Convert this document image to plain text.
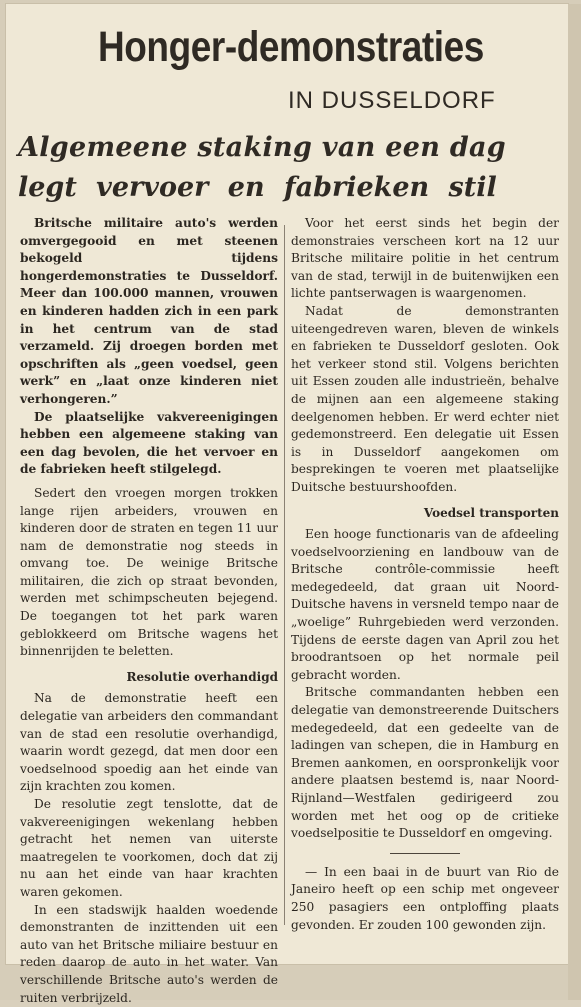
Honger-demonstraties
IN DUSSELDORF
Algemeene staking van een dag
legt vervoer en fabrieken stil

Britsche militaire auto's werden omvergegooid en met steenen bekogeld tijdens hongerdemonstraties te Dusseldorf. Meer dan 100.000 mannen, vrouwen en kinderen hadden zich in een park in het centrum van de stad verzameld. Zij droegen borden met opschriften als „geen voedsel, geen werk” en „laat onze kinderen niet verhongeren.”

De plaatselijke vakvereenigingen hebben een algemeene staking van een dag bevolen, die het vervoer en de fabrieken heeft stilgelegd.

Sedert den vroegen morgen trokken lange rijen arbeiders, vrouwen en kinderen door de straten en tegen 11 uur nam de demonstratie nog steeds in omvang toe. De weinige Britsche militairen, die zich op straat bevonden, werden met schimpscheuten bejegend. De toegangen tot het park waren geblokkeerd om Britsche wagens het binnenrijden te beletten.

Resolutie overhandigd

Na de demonstratie heeft een delegatie van arbeiders den commandant van de stad een resolutie overhandigd, waarin wordt gezegd, dat men door een voedselnood spoedig aan het einde van zijn krachten zou komen.

De resolutie zegt tenslotte, dat de vakvereenigingen wekenlang hebben getracht het nemen van uiterste maatregelen te voorkomen, doch dat zij nu aan het einde van haar krachten waren gekomen.

In een stadswijk haalden woedende demonstranten de inzittenden uit een auto van het Britsche miliaire bestuur en reden daarop de auto in het water. Van verschillende Britsche auto's werden de ruiten verbrijzeld.

Voor het eerst sinds het begin der demonstraies verscheen kort na 12 uur Britsche militaire politie in het centrum van de stad, terwijl in de buitenwijken een lichte pantserwagen is waargenomen.

Nadat de demonstranten uiteengedreven waren, bleven de winkels en fabrieken te Dusseldorf gesloten. Ook het verkeer stond stil. Volgens berichten uit Essen zouden alle industrieën, behalve de mijnen aan een algemeene staking deelgenomen hebben. Er werd echter niet gedemonstreerd. Een delegatie uit Essen is in Dusseldorf aangekomen om besprekingen te voeren met plaatselijke Duitsche bestuurshoofden.

Voedsel transporten

Een hooge functionaris van de afdeeling voedselvoorziening en landbouw van de Britsche contrôle-commissie heeft medegedeeld, dat graan uit Noord-Duitsche havens in versneld tempo naar de „woelige” Ruhrgebieden werd verzonden. Tijdens de eerste dagen van April zou het broodrantsoen op het normale peil gebracht worden.

Britsche commandanten hebben een delegatie van demonstreerende Duitschers medegedeeld, dat een gedeelte van de ladingen van schepen, die in Hamburg en Bremen aankomen, en oorspronkelijk voor andere plaatsen bestemd is, naar Noord-Rijnland—Westfalen gedirigeerd zou worden met het oog op de critieke voedselpositie te Dusseldorf en omgeving.

— In een baai in de buurt van Rio de Janeiro heeft op een schip met ongeveer 250 pasagiers een ontploffing plaats gevonden. Er zouden 100 gewonden zijn.
